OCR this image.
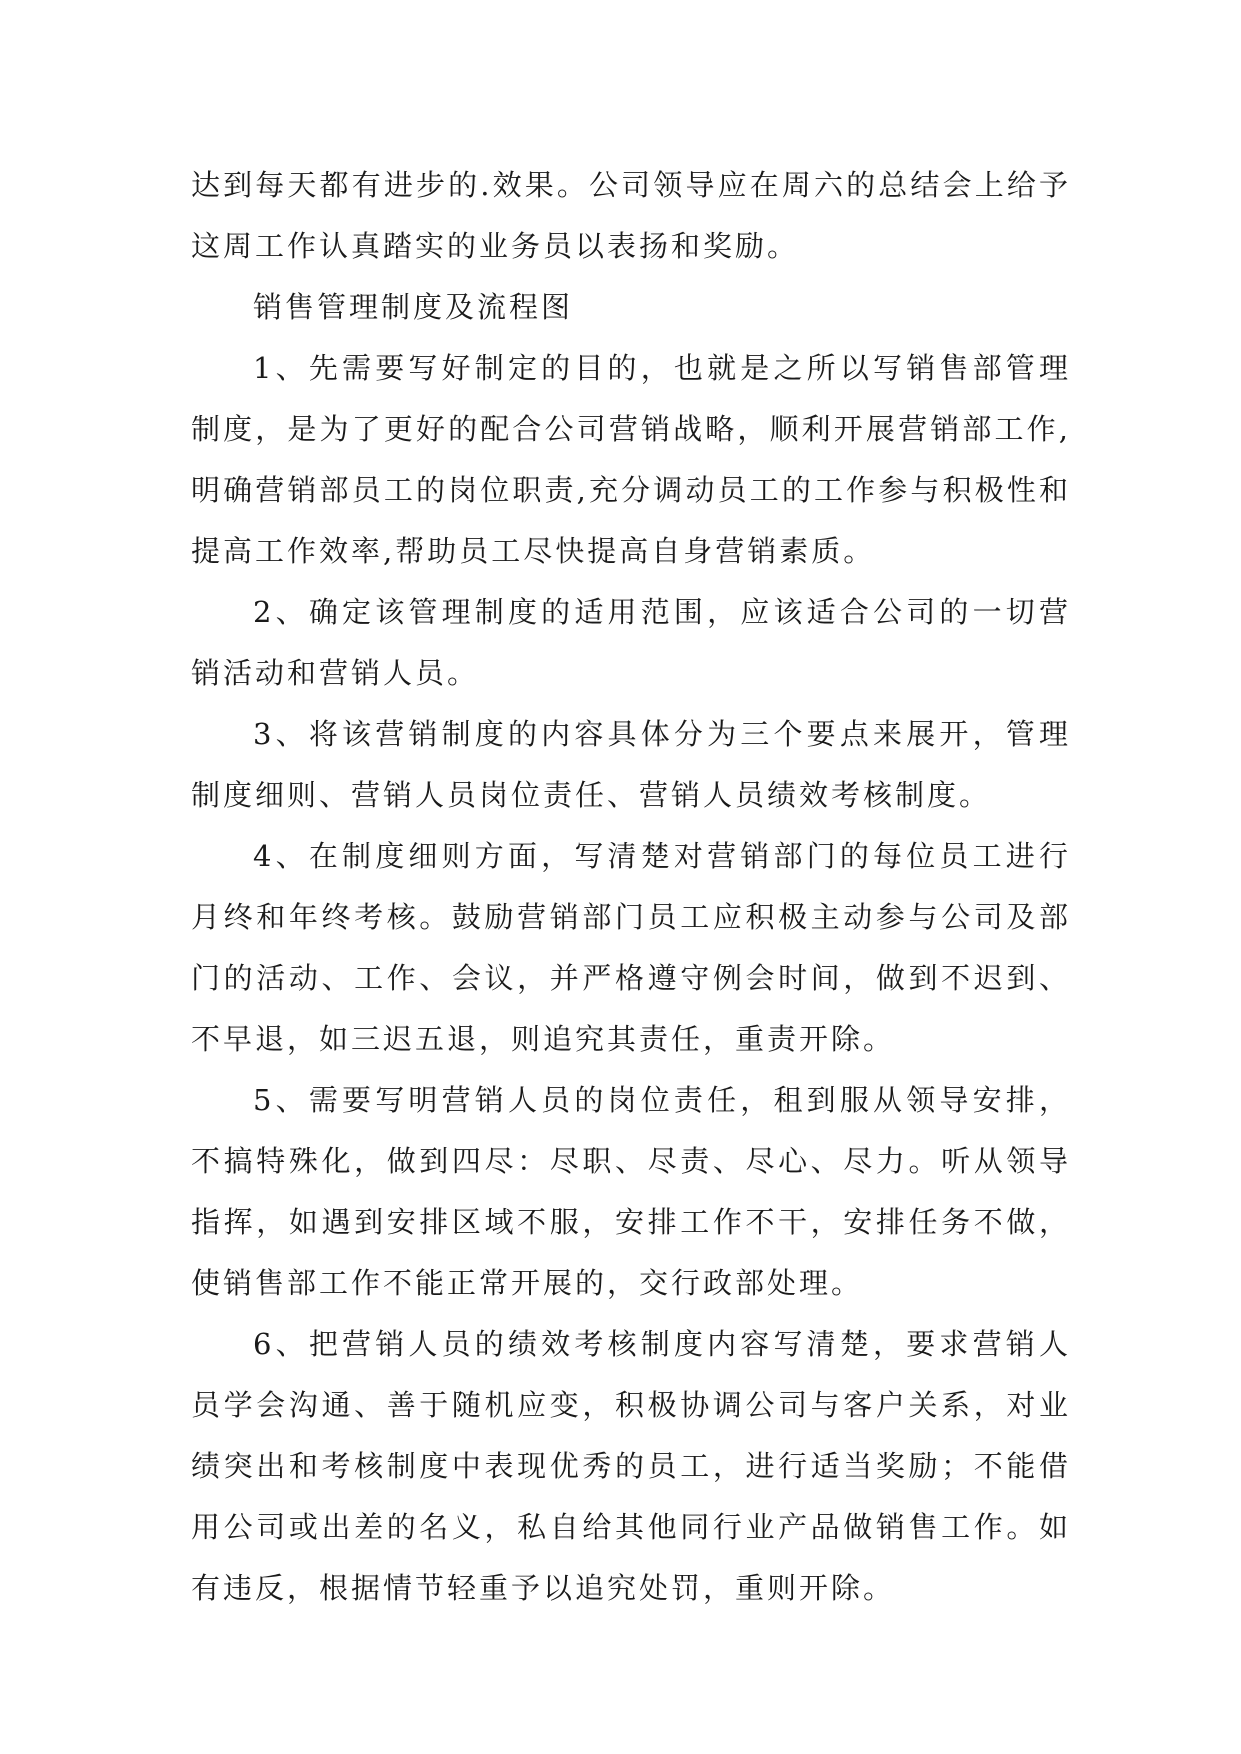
达到每天都有进步的.效果。公司领导应在周六的总结会上给予这周工作认真踏实的业务员以表扬和奖励。

销售管理制度及流程图

1、先需要写好制定的目的，也就是之所以写销售部管理制度，是为了更好的配合公司营销战略，顺利开展营销部工作,明确营销部员工的岗位职责,充分调动员工的工作参与积极性和提高工作效率,帮助员工尽快提高自身营销素质。

2、确定该管理制度的适用范围，应该适合公司的一切营销活动和营销人员。

3、将该营销制度的内容具体分为三个要点来展开，管理制度细则、营销人员岗位责任、营销人员绩效考核制度。

4、在制度细则方面，写清楚对营销部门的每位员工进行月终和年终考核。鼓励营销部门员工应积极主动参与公司及部门的活动、工作、会议，并严格遵守例会时间，做到不迟到、不早退，如三迟五退，则追究其责任，重责开除。

5、需要写明营销人员的岗位责任，租到服从领导安排，不搞特殊化，做到四尽：尽职、尽责、尽心、尽力。听从领导指挥，如遇到安排区域不服，安排工作不干，安排任务不做，使销售部工作不能正常开展的，交行政部处理。

6、把营销人员的绩效考核制度内容写清楚，要求营销人员学会沟通、善于随机应变，积极协调公司与客户关系，对业绩突出和考核制度中表现优秀的员工，进行适当奖励；不能借用公司或出差的名义，私自给其他同行业产品做销售工作。如有违反，根据情节轻重予以追究处罚，重则开除。
